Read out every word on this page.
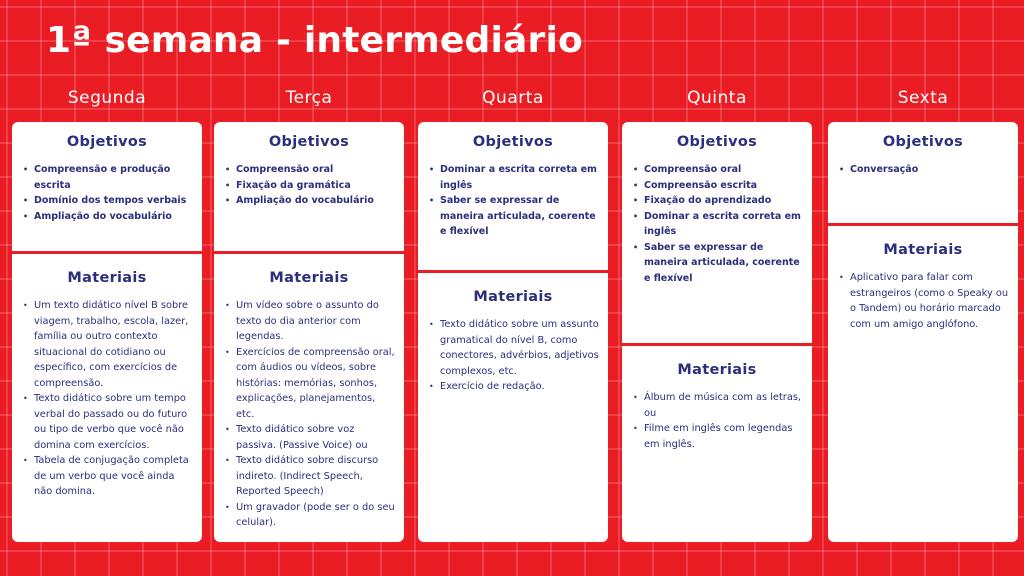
1ª semana - intermediário
Segunda
Objetivos
• Compreensão e produção escrita
• Domínio dos tempos verbais
• Ampliação do vocabulário
Materiais
• Um texto didático nível B sobre viagem, trabalho, escola, lazer, família ou outro contexto situacional do cotidiano ou específico, com exercícios de compreensão.
• Texto didático sobre um tempo verbal do passado ou do futuro ou tipo de verbo que você não domina com exercícios.
• Tabela de conjugação completa de um verbo que você ainda não domina.
Terça
Objetivos
• Compreensão oral
• Fixação da gramática
• Ampliação do vocabulário
Materiais
• Um vídeo sobre o assunto do texto do dia anterior com legendas.
• Exercícios de compreensão oral, com áudios ou vídeos, sobre histórias: memórias, sonhos, explicações, planejamentos, etc.
• Texto didático sobre voz passiva. (Passive Voice) ou
• Texto didático sobre discurso indireto. (Indirect Speech, Reported Speech)
• Um gravador (pode ser o do seu celular).
Quarta
Objetivos
• Dominar a escrita correta em inglês
• Saber se expressar de maneira articulada, coerente e flexível
Materiais
• Texto didático sobre um assunto gramatical do nível B, como conectores, advérbios, adjetivos complexos, etc.
• Exercício de redação.
Quinta
Objetivos
• Compreensão oral
• Compreensão escrita
• Fixação do aprendizado
• Dominar a escrita correta em inglês
• Saber se expressar de maneira articulada, coerente e flexível
Materiais
• Álbum de música com as letras, ou
• Filme em inglês com legendas em inglês.
Sexta
Objetivos
• Conversação
Materiais
• Aplicativo para falar com estrangeiros (como o Speaky ou o Tandem) ou horário marcado com um amigo anglófono.
